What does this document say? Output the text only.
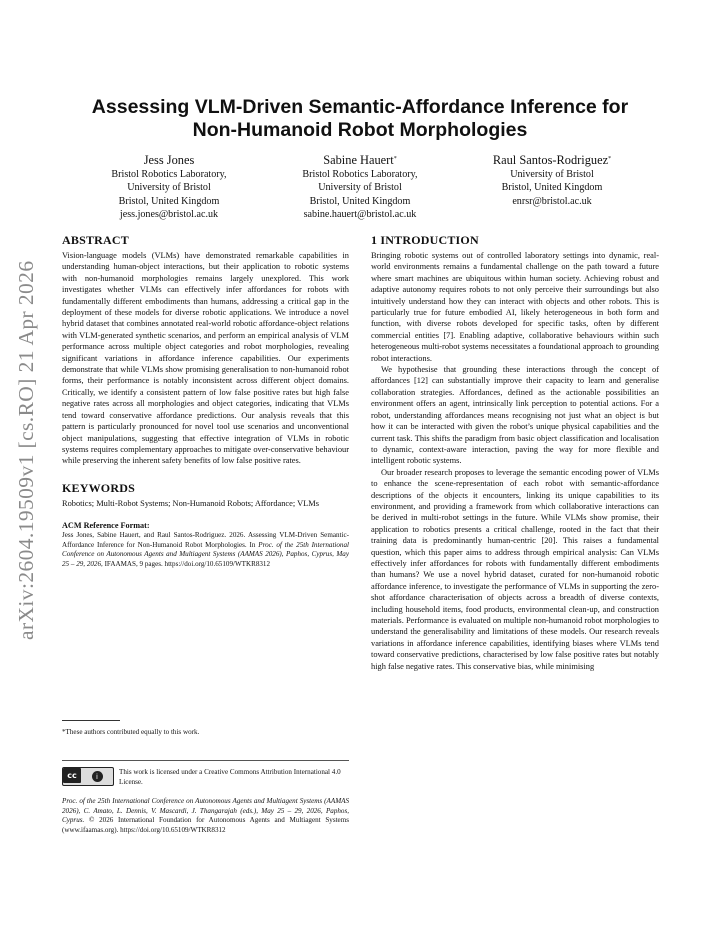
arXiv:2604.19509v1 [cs.RO] 21 Apr 2026
Assessing VLM-Driven Semantic-Affordance Inference for
Non-Humanoid Robot Morphologies
Jess Jones
Bristol Robotics Laboratory,
University of Bristol
Bristol, United Kingdom
jess.jones@bristol.ac.uk
Sabine Hauert*
Bristol Robotics Laboratory,
University of Bristol
Bristol, United Kingdom
sabine.hauert@bristol.ac.uk
Raul Santos-Rodriguez*
University of Bristol
Bristol, United Kingdom
enrsr@bristol.ac.uk
ABSTRACT

Vision-language models (VLMs) have demonstrated remarkable capabilities in understanding human-object interactions, but their application to robotic systems with non-humanoid morphologies remains largely unexplored. This work investigates whether VLMs can effectively infer affordances for robots with fundamentally different embodiments than humans, addressing a critical gap in the deployment of these models for diverse robotic applications. We introduce a novel hybrid dataset that combines annotated real-world robotic affordance-object relations with VLM-generated synthetic scenarios, and perform an empirical analysis of VLM performance across multiple object categories and robot morphologies, revealing significant variations in affordance inference capabilities. Our experiments demonstrate that while VLMs show promising generalisation to non-humanoid robot forms, their performance is notably inconsistent across different object domains. Critically, we identify a consistent pattern of low false positive rates but high false negative rates across all morphologies and object categories, indicating that VLMs tend toward conservative affordance predictions. Our analysis reveals that this pattern is particularly pronounced for novel tool use scenarios and unconventional object manipulations, suggesting that effective integration of VLMs in robotic systems requires complementary approaches to mitigate over-conservative behaviour while preserving the inherent safety benefits of low false positive rates.

KEYWORDS

Robotics; Multi-Robot Systems; Non-Humanoid Robots; Affordance; VLMs

ACM Reference Format:

Jess Jones, Sabine Hauert, and Raul Santos-Rodriguez. 2026. Assessing VLM-Driven Semantic-Affordance Inference for Non-Humanoid Robot Morphologies. In Proc. of the 25th International Conference on Autonomous Agents and Multiagent Systems (AAMAS 2026), Paphos, Cyprus, May 25 – 29, 2026, IFAAMAS, 9 pages. https://doi.org/10.65109/WTKR8312

*These authors contributed equally to this work.

cc	i

This work is licensed under a Creative Commons Attribution International 4.0 License.

Proc. of the 25th International Conference on Autonomous Agents and Multiagent Systems (AAMAS 2026), C. Amato, L. Dennis, V. Mascardi, J. Thangarajah (eds.), May 25 – 29, 2026, Paphos, Cyprus. © 2026 International Foundation for Autonomous Agents and Multiagent Systems (www.ifaamas.org). https://doi.org/10.65109/WTKR8312

1 INTRODUCTION

Bringing robotic systems out of controlled laboratory settings into dynamic, real-world environments remains a fundamental challenge on the path toward a future where smart machines are ubiquitous within human society. Achieving robust and adaptive autonomy requires robots to not only perceive their surroundings but also intuitively understand how they can interact with objects and other robots. This is particularly true for future embodied AI, likely heterogeneous in both form and function, with diverse robots developed for specific tasks, often by different commercial entities [7]. Enabling adaptive, collaborative behaviours within such heterogeneous multi-robot systems necessitates a foundational approach to grounding robot interactions.

We hypothesise that grounding these interactions through the concept of affordances [12] can substantially improve their capacity to learn and generalise collaboration strategies. Affordances, defined as the actionable possibilities an environment offers an agent, intrinsically link perception to potential actions. For a robot, understanding affordances means recognising not just what an object is but how it can be interacted with given the robot’s unique physical capabilities and the current task. This shifts the paradigm from basic object classification and localisation to dynamic, context-aware interaction, paving the way for more flexible and intelligent robotic systems.

Our broader research proposes to leverage the semantic encoding power of VLMs to enhance the scene-representation of each robot with semantic-affordance descriptions of the objects it encounters, linking its unique capabilities to its environment, and providing a framework from which collaborative interactions can be derived in multi-robot settings in the future. While VLMs show promise, their application to robotics presents a critical challenge, rooted in the fact that their training data is predominantly human-centric [20]. This raises a fundamental question, which this paper aims to address through empirical analysis: Can VLMs effectively infer affordances for robots with fundamentally different embodiments than humans? We use a novel hybrid dataset, curated for non-humanoid robotic affordance inference, to investigate the performance of VLMs in supporting the zero-shot affordance characterisation of objects across a breadth of diverse contexts, including household items, food products, environmental clean-up, and construction materials. Performance is evaluated on multiple non-humanoid robot morphologies to understand the generalisability and limitations of these models. Our research reveals variations in affordance inference capabilities, identifying biases where VLMs tend toward conservative predictions, characterised by low false positive rates but notably high false negative rates. This conservative bias, while minimising
